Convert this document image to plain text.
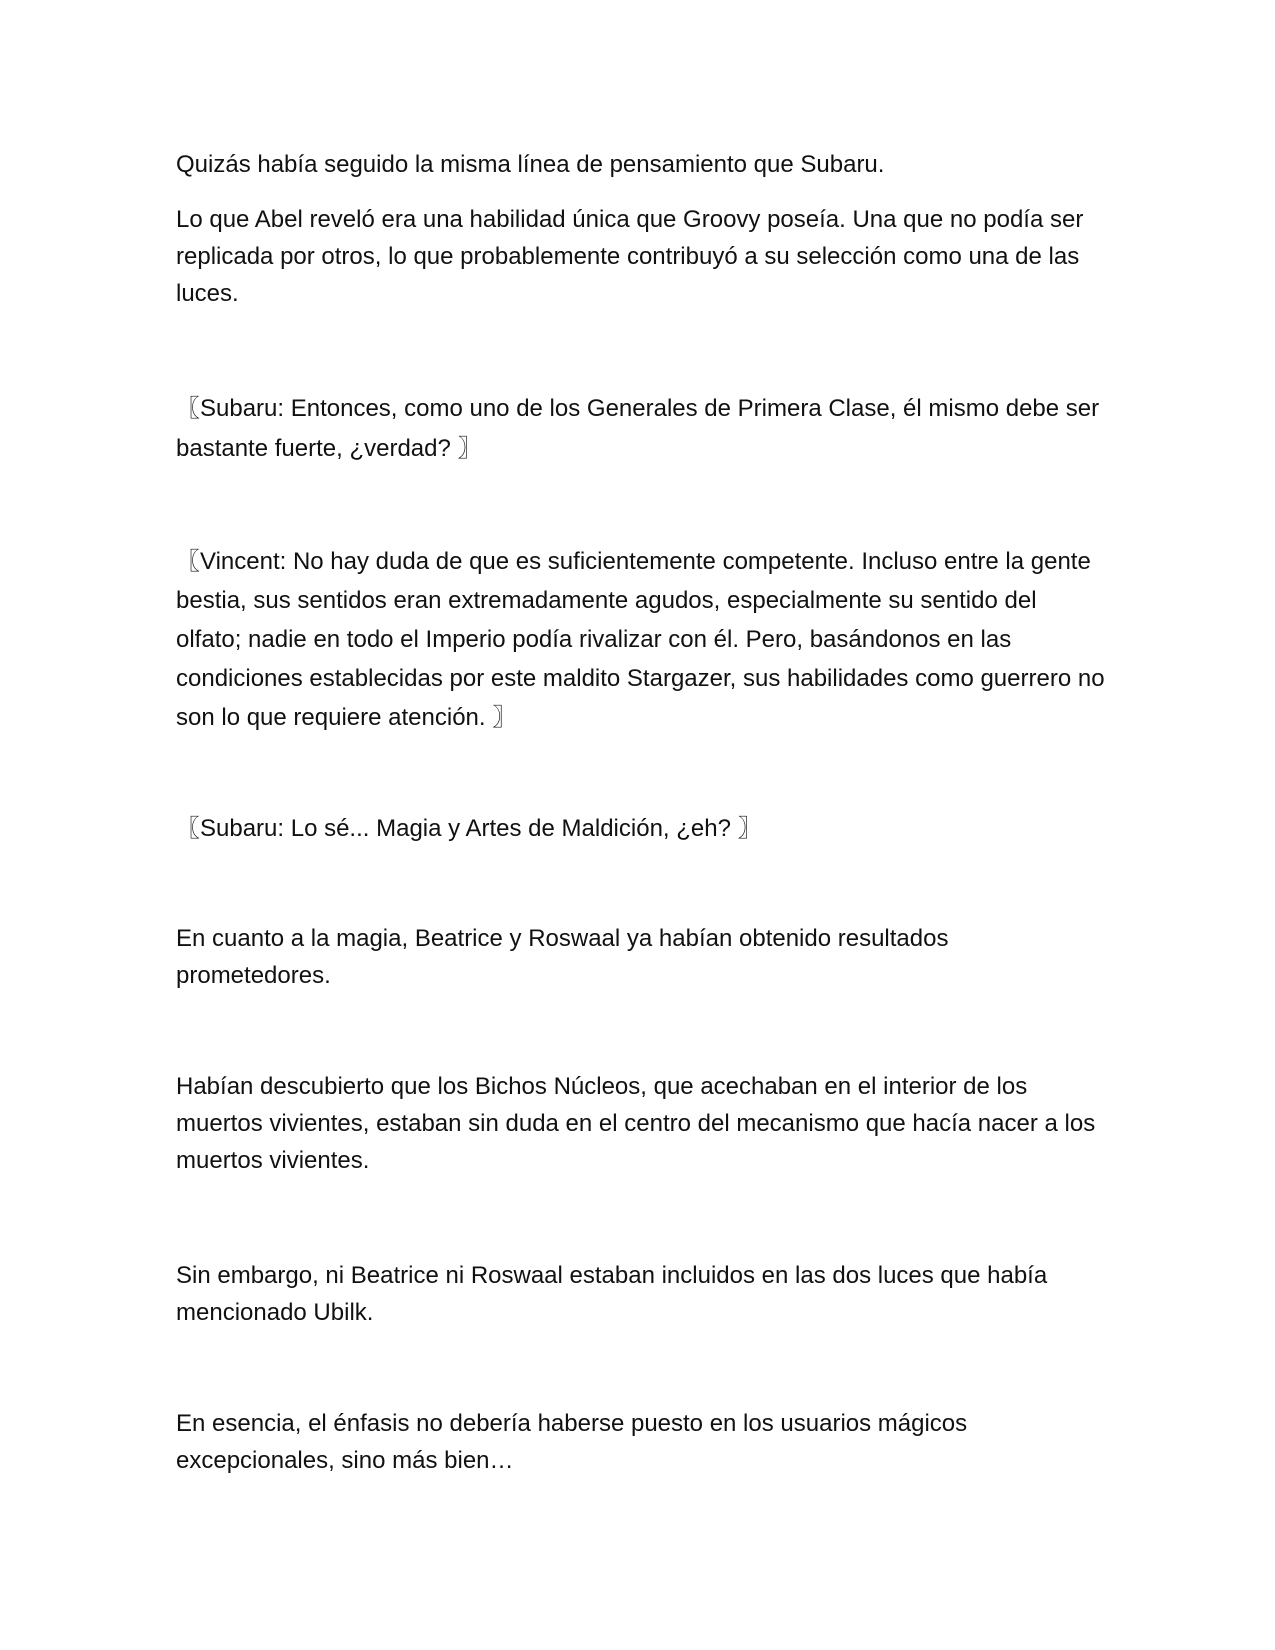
Quizás había seguido la misma línea de pensamiento que Subaru.

Lo que Abel reveló era una habilidad única que Groovy poseía. Una que no podía ser replicada por otros, lo que probablemente contribuyó a su selección como una de las luces.

〖Subaru: Entonces, como uno de los Generales de Primera Clase, él mismo debe ser bastante fuerte, ¿verdad? 〗

〖Vincent: No hay duda de que es suficientemente competente. Incluso entre la gente bestia, sus sentidos eran extremadamente agudos, especialmente su sentido del olfato; nadie en todo el Imperio podía rivalizar con él. Pero, basándonos en las condiciones establecidas por este maldito Stargazer, sus habilidades como guerrero no son lo que requiere atención. 〗

〖Subaru: Lo sé... Magia y Artes de Maldición, ¿eh? 〗

En cuanto a la magia, Beatrice y Roswaal ya habían obtenido resultados prometedores.

Habían descubierto que los Bichos Núcleos, que acechaban en el interior de los muertos vivientes, estaban sin duda en el centro del mecanismo que hacía nacer a los muertos vivientes.

Sin embargo, ni Beatrice ni Roswaal estaban incluidos en las dos luces que había mencionado Ubilk.

En esencia, el énfasis no debería haberse puesto en los usuarios mágicos excepcionales, sino más bien…
